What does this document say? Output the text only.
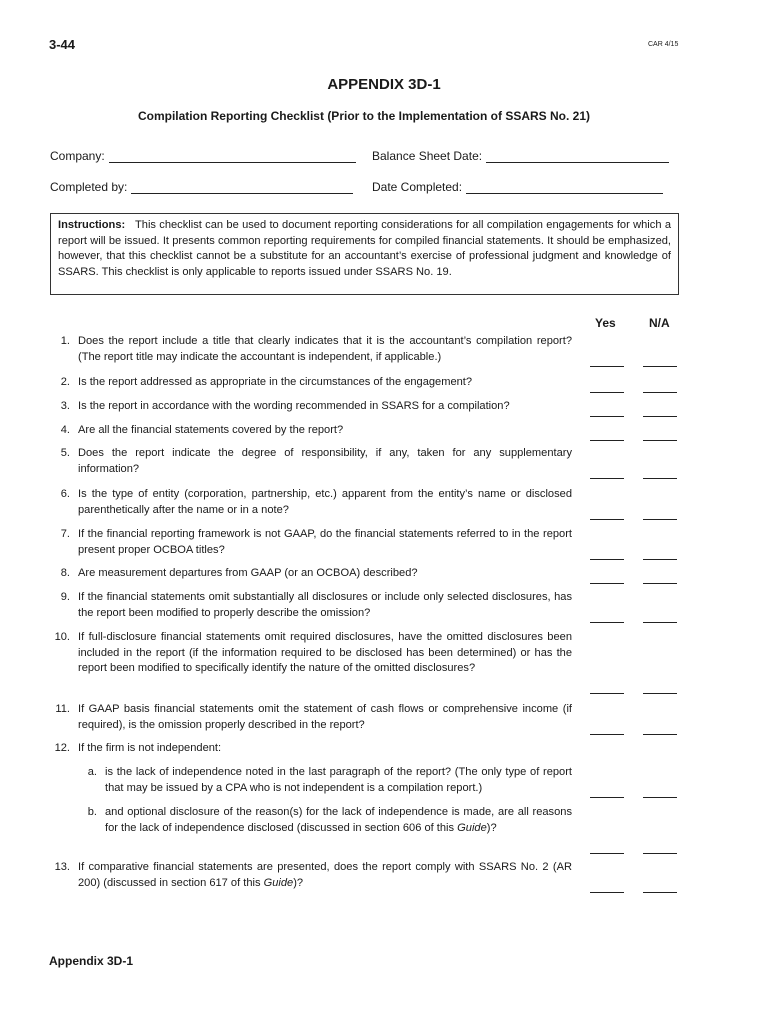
3-44	CAR 4/15
APPENDIX 3D-1
Compilation Reporting Checklist (Prior to the Implementation of SSARS No. 21)
Company:	Balance Sheet Date:
Completed by:	Date Completed:
Instructions: This checklist can be used to document reporting considerations for all compilation engagements for which a report will be issued. It presents common reporting requirements for compiled financial statements. It should be emphasized, however, that this checklist cannot be a substitute for an accountant’s exercise of professional judgment and knowledge of SSARS. This checklist is only applicable to reports issued under SSARS No. 19.
Yes	N/A
1. Does the report include a title that clearly indicates that it is the accountant’s compilation report? (The report title may indicate the accountant is independent, if applicable.)
2. Is the report addressed as appropriate in the circumstances of the engagement?
3. Is the report in accordance with the wording recommended in SSARS for a compilation?
4. Are all the financial statements covered by the report?
5. Does the report indicate the degree of responsibility, if any, taken for any supplementary information?
6. Is the type of entity (corporation, partnership, etc.) apparent from the entity’s name or disclosed parenthetically after the name or in a note?
7. If the financial reporting framework is not GAAP, do the financial statements referred to in the report present proper OCBOA titles?
8. Are measurement departures from GAAP (or an OCBOA) described?
9. If the financial statements omit substantially all disclosures or include only selected disclosures, has the report been modified to properly describe the omission?
10. If full-disclosure financial statements omit required disclosures, have the omitted disclosures been included in the report (if the information required to be disclosed has been determined) or has the report been modified to specifically identify the nature of the omitted disclosures?
11. If GAAP basis financial statements omit the statement of cash flows or comprehensive income (if required), is the omission properly described in the report?
12. If the firm is not independent:
a. is the lack of independence noted in the last paragraph of the report? (The only type of report that may be issued by a CPA who is not independent is a compilation report.)
b. and optional disclosure of the reason(s) for the lack of independence is made, are all reasons for the lack of independence disclosed (discussed in section 606 of this Guide)?
13. If comparative financial statements are presented, does the report comply with SSARS No. 2 (AR 200) (discussed in section 617 of this Guide)?
Appendix 3D-1
